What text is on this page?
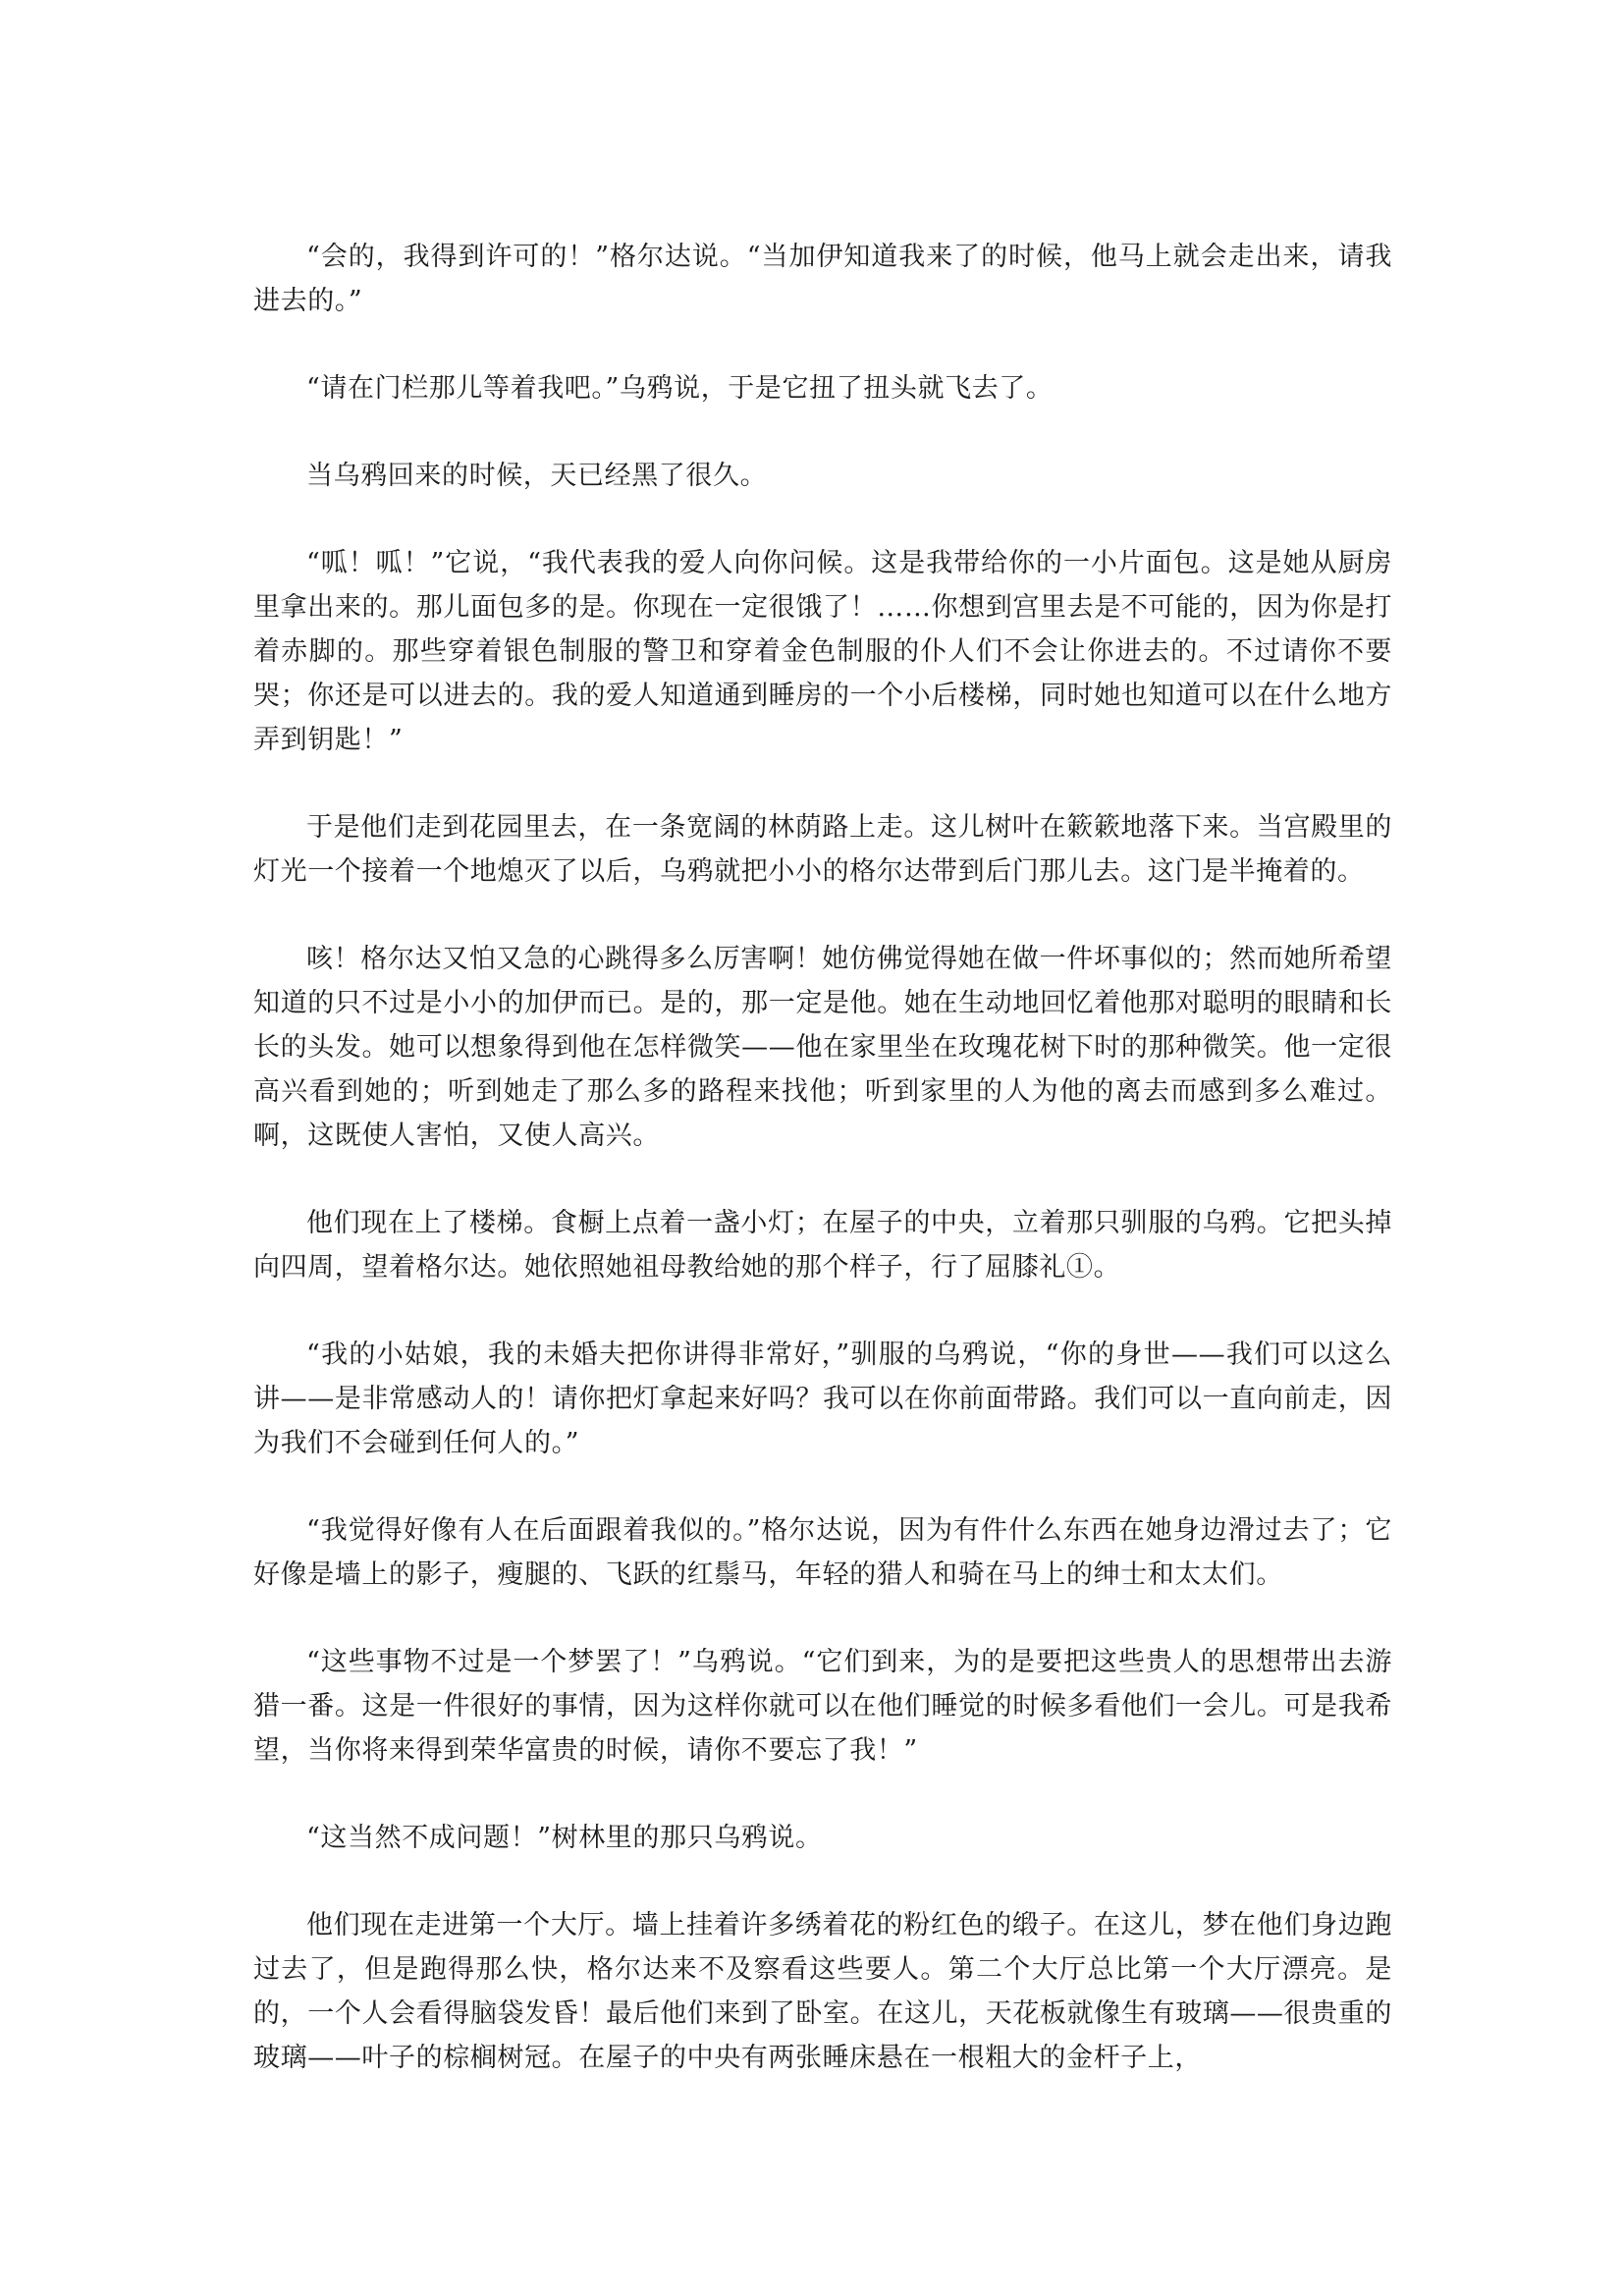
“会的，我得到许可的！”格尔达说。“当加伊知道我来了的时候，他马上就会走出来，请我进去的。”

“请在门栏那儿等着我吧。”乌鸦说，于是它扭了扭头就飞去了。

当乌鸦回来的时候，天已经黑了很久。

“呱！呱！”它说，“我代表我的爱人向你问候。这是我带给你的一小片面包。这是她从厨房里拿出来的。那儿面包多的是。你现在一定很饿了！……你想到宫里去是不可能的，因为你是打着赤脚的。那些穿着银色制服的警卫和穿着金色制服的仆人们不会让你进去的。不过请你不要哭；你还是可以进去的。我的爱人知道通到睡房的一个小后楼梯，同时她也知道可以在什么地方弄到钥匙！”

于是他们走到花园里去，在一条宽阔的林荫路上走。这儿树叶在簌簌地落下来。当宫殿里的灯光一个接着一个地熄灭了以后，乌鸦就把小小的格尔达带到后门那儿去。这门是半掩着的。

咳！格尔达又怕又急的心跳得多么厉害啊！她仿佛觉得她在做一件坏事似的；然而她所希望知道的只不过是小小的加伊而已。是的，那一定是他。她在生动地回忆着他那对聪明的眼睛和长长的头发。她可以想象得到他在怎样微笑——他在家里坐在玫瑰花树下时的那种微笑。他一定很高兴看到她的；听到她走了那么多的路程来找他；听到家里的人为他的离去而感到多么难过。啊，这既使人害怕，又使人高兴。

他们现在上了楼梯。食橱上点着一盏小灯；在屋子的中央，立着那只驯服的乌鸦。它把头掉向四周，望着格尔达。她依照她祖母教给她的那个样子，行了屈膝礼①。

“我的小姑娘，我的未婚夫把你讲得非常好，”驯服的乌鸦说，“你的身世——我们可以这么讲——是非常感动人的！请你把灯拿起来好吗？我可以在你前面带路。我们可以一直向前走，因为我们不会碰到任何人的。”

“我觉得好像有人在后面跟着我似的。”格尔达说，因为有件什么东西在她身边滑过去了；它好像是墙上的影子，瘦腿的、飞跃的红鬃马，年轻的猎人和骑在马上的绅士和太太们。

“这些事物不过是一个梦罢了！”乌鸦说。“它们到来，为的是要把这些贵人的思想带出去游猎一番。这是一件很好的事情，因为这样你就可以在他们睡觉的时候多看他们一会儿。可是我希望，当你将来得到荣华富贵的时候，请你不要忘了我！”

“这当然不成问题！”树林里的那只乌鸦说。

他们现在走进第一个大厅。墙上挂着许多绣着花的粉红色的缎子。在这儿，梦在他们身边跑过去了，但是跑得那么快，格尔达来不及察看这些要人。第二个大厅总比第一个大厅漂亮。是的，一个人会看得脑袋发昏！最后他们来到了卧室。在这儿，天花板就像生有玻璃——很贵重的玻璃——叶子的棕榈树冠。在屋子的中央有两张睡床悬在一根粗大的金杆子上，
